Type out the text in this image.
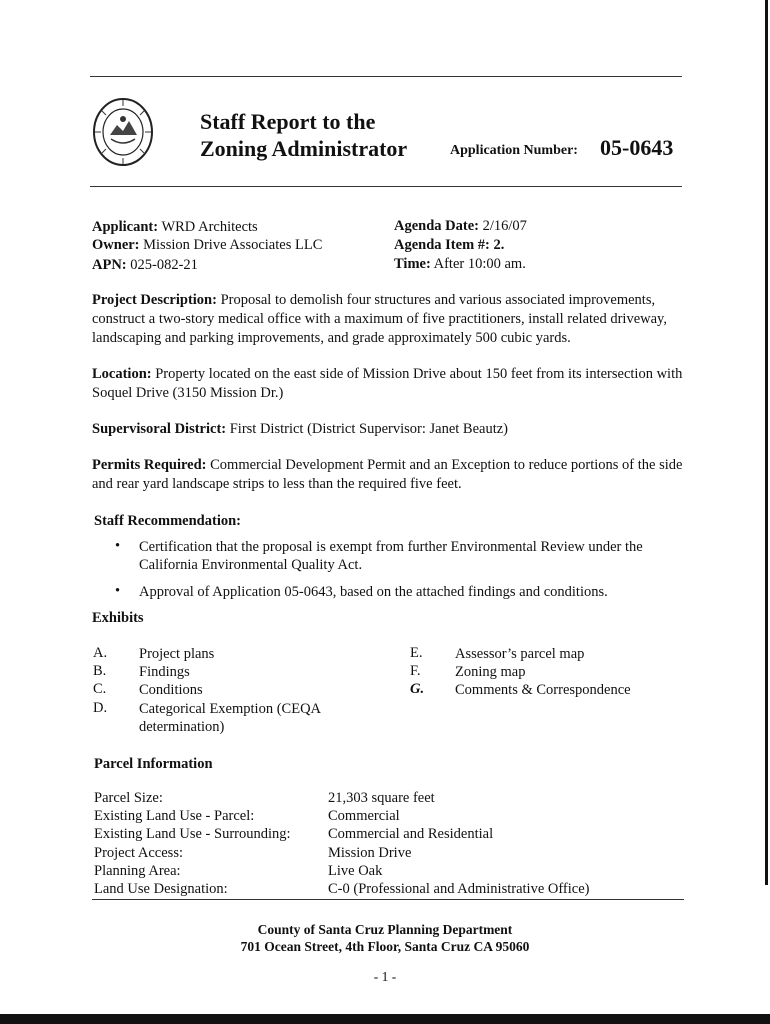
Staff Report to the
Zoning Administrator	Application Number: 05-0643
Applicant: WRD Architects
Owner: Mission Drive Associates LLC
APN: 025-082-21
Agenda Date: 2/16/07
Agenda Item #: 2.
Time: After 10:00 am.
Project Description: Proposal to demolish four structures and various associated improvements, construct a two-story medical office with a maximum of five practitioners, install related driveway, landscaping and parking improvements, and grade approximately 500 cubic yards.
Location: Property located on the east side of Mission Drive about 150 feet from its intersection with Soquel Drive (3150 Mission Dr.)
Supervisoral District: First District (District Supervisor: Janet Beautz)
Permits Required: Commercial Development Permit and an Exception to reduce portions of the side and rear yard landscape strips to less than the required five feet.
Staff Recommendation:
• Certification that the proposal is exempt from further Environmental Review under the California Environmental Quality Act.
• Approval of Application 05-0643, based on the attached findings and conditions.
Exhibits
A.	Project plans
B.	Findings
C.	Conditions
D.	Categorical Exemption (CEQA determination)
E.	Assessor’s parcel map
F.	Zoning map
G.	Comments & Correspondence
Parcel Information
Parcel Size:	21,303 square feet
Existing Land Use - Parcel:	Commercial
Existing Land Use - Surrounding:	Commercial and Residential
Project Access:	Mission Drive
Planning Area:	Live Oak
Land Use Designation:	C-0 (Professional and Administrative Office)
County of Santa Cruz Planning Department
701 Ocean Street, 4th Floor, Santa Cruz CA 95060
- 1 -
